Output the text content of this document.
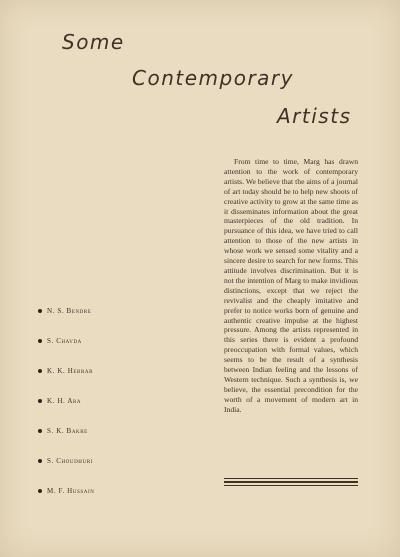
Some
Contemporary
Artists

From time to time, Marg has drawn attention to the work of contemporary artists. We believe that the aims of a journal of art today should be to help new shoots of creative activity to grow at the same time as it disseminates information about the great masterpieces of the old tradition. In pursuance of this idea, we have tried to call attention to those of the new artists in whose work we sensed some vitality and a sincere desire to search for new forms. This attitude involves discrimination. But it is not the intention of Marg to make invidious distinctions, except that we reject the revivalist and the cheaply imitative and prefer to notice works born of genuine and authentic creative impulse at the highest pressure. Among the artists represented in this series there is evident a profound preoccupation with formal values, which seems to be the result of a synthesis between Indian feeling and the lessons of Western technique. Such a synthesis is, we believe, the essential precondition for the worth of a movement of modern art in India.

N. S. Bendre
S. Chavda
K. K. Hebbar
K. H. Ara
S. K. Bakre
S. Choudhuri
M. F. Hussain
